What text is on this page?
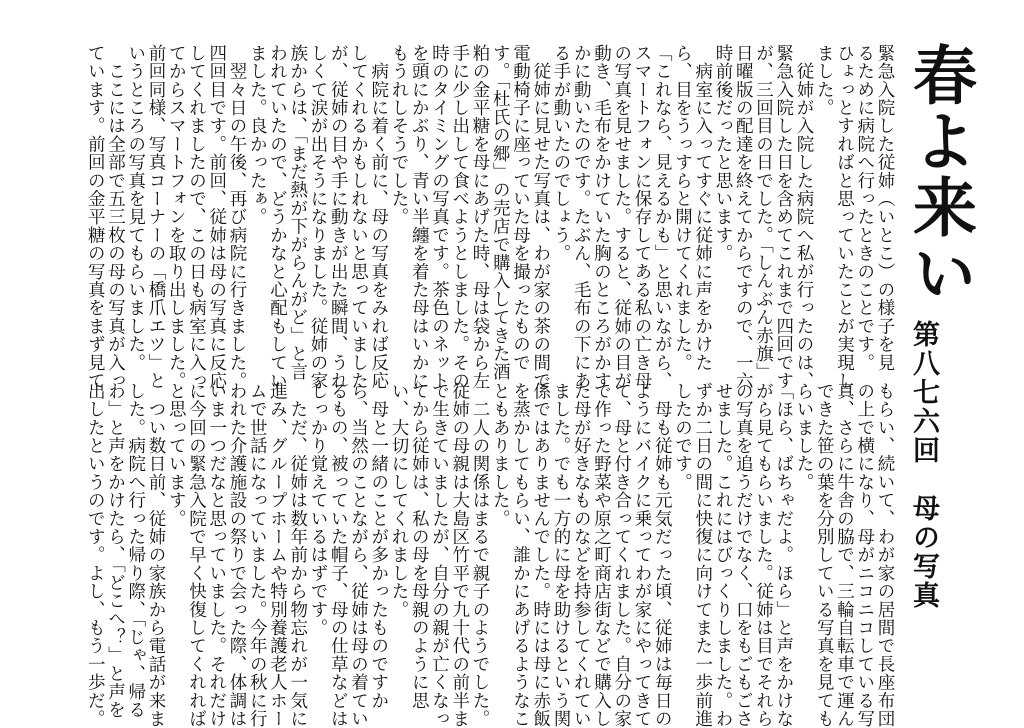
春よ来い
第八七六回　母の写真
緊急入院した従姉（いとこ）の様子を見
るために病院へ行ったときのことです。
ひょっとすればと思っていたことが実現し
ました。
　従姉が入院した病院へ私が行ったのは、
緊急入院した日を含めてこれまで四回です
が、三回目の日でした。「しんぶん赤旗」
日曜版の配達を終えてからですので、一六
時前後だったと思います。
　病室に入ってすぐに従姉に声をかけた
ら、目をうっすらと開けてくれました。
「これなら、見えるかも」と思いながら、
スマートフォンに保存してある私の亡き母
の写真を見せました。すると、従姉の目が
動き、毛布をかけていた胸のところがかす
かに動いたのです。たぶん、毛布の下にあ
る手が動いたのでしょう。
　従姉に見せた写真は、わが家の茶の間で
電動椅子に座っていた母を撮ったもので
す。「杜氏の郷」の売店で購入してきた酒
粕の金平糖を母にあげた時、母は袋から左
手に少し出して食べようとしました。その
時のタイミングの写真です。茶色のネット
を頭にかぶり、青い半纏を着た母はいかに
もうれしそうでした。
　病院に着く前に、母の写真をみれば反応
してくれるかもしれないと思っていました
が、従姉の目や手に動きが出た瞬間、うれ
しくて涙が出そうになりました。従姉の家
族からは、「まだ熱が下がらんがど」と言
われていたので、どうかなと心配もしてい
ました。良かったぁ。
　翌々日の午後、再び病院に行きました。
四回目です。前回、従姉は母の写真に反応
してくれましたので、この日も病室に入っ
てからスマートフォンを取り出しました。
前回同様、写真コーナーの「橋爪エツ」と
いうところの写真を見てもらいました。
　ここには全部で五三枚の母の写真が入っ
ています。前回の金平糖の写真をまず見て
もらい、続いて、わが家の居間で長座布団
の上で横になり、母がニコニコしている写
真、さらに牛舎の脇で、三輪自転車で運ん
できた笹の葉を分別している写真を見ても
らいました。
「ほら、ばちゃだよ。ほら」と声をかけな
がら見てもらいました。従姉は目でそれら
の写真を追うだけでなく、口をもごもごさ
せました。これにはびっくりしました。わ
ずか二日の間に快復に向けてまた一歩前進
したのです。
　母も従姉も元気だった頃、従姉は毎日の
ようにバイクに乗ってわが家にやってきて
て、母と付き合ってくれました。自分の家
で作った野菜や原之町商店街などで購入し
た母が好きなものなどを持参してくれてい
ました。でも一方的に母を助けるという関
係ではありませんでした。時には母に赤飯
を蒸かしてもらい、誰かにあげるようなこ
ともありました。
　二人の関係はまるで親子のようでした。
従姉の母親は大島区竹平で九十代の前半ま
で生きていましたが、自分の親が亡くなっ
てから従姉は、私の母を母親のように思
い、大切にしてくれました。
　母と一緒のことが多かったものですか
ら、当然のことながら、従姉は母の着てい
るもの、被っていた帽子、母の仕草などは
しっかり覚えているはずです。
　ただ、従姉は数年前から物忘れが一気に
進み、グループホームや特別養護老人ホー
ムで世話になっていました。今年の秋に行
われた介護施設の祭りで会った際、体調は
いま一つだなと思っていました。それだけ
に今回の緊急入院で早く快復してくれれば
と思っています。
　つい数日前、従姉の家族から電話が来ま
した。病院へ行った帰り際、「じゃ、帰る
わ」と声をかけたら、「どこへ？」と声を
出したというのです。よし、もう一歩だ。
